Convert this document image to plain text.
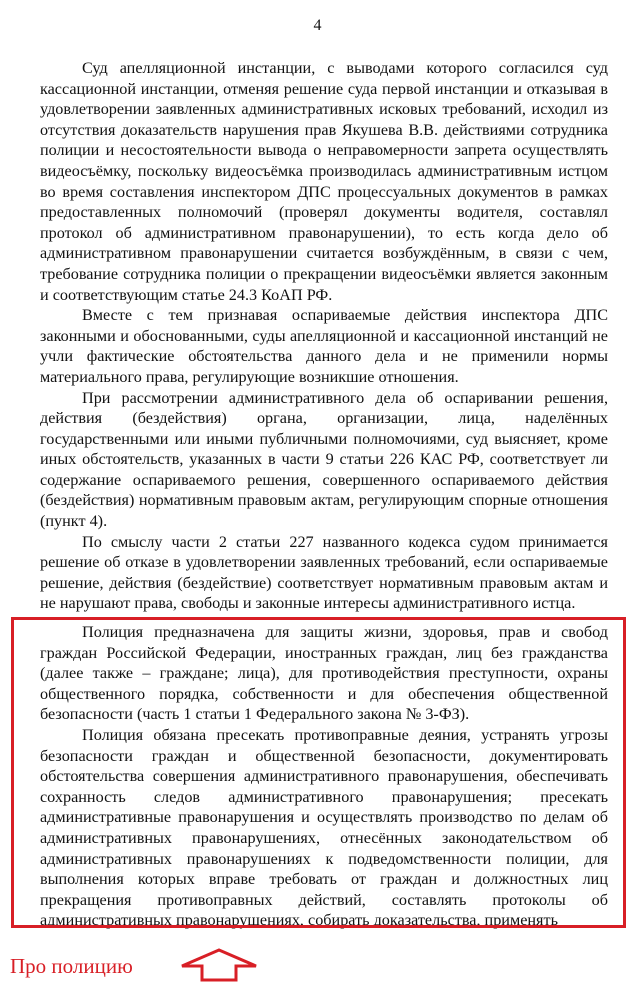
4

Суд апелляционной инстанции, с выводами которого согласился суд кассационной инстанции, отменяя решение суда первой инстанции и отказывая в удовлетворении заявленных административных исковых требований, исходил из отсутствия доказательств нарушения прав Якушева В.В. действиями сотрудника полиции и несостоятельности вывода о неправомерности запрета осуществлять видеосъёмку, поскольку видеосъёмка производилась административным истцом во время составления инспектором ДПС процессуальных документов в рамках предоставленных полномочий (проверял документы водителя, составлял протокол об административном правонарушении), то есть когда дело об административном правонарушении считается возбуждённым, в связи с чем, требование сотрудника полиции о прекращении видеосъёмки является законным и соответствующим статье 24.3 КоАП РФ.

Вместе с тем признавая оспариваемые действия инспектора ДПС законными и обоснованными, суды апелляционной и кассационной инстанций не учли фактические обстоятельства данного дела и не применили нормы материального права, регулирующие возникшие отношения.

При рассмотрении административного дела об оспаривании решения, действия (бездействия) органа, организации, лица, наделённых государственными или иными публичными полномочиями, суд выясняет, кроме иных обстоятельств, указанных в части 9 статьи 226 КАС РФ, соответствует ли содержание оспариваемого решения, совершенного оспариваемого действия (бездействия) нормативным правовым актам, регулирующим спорные отношения (пункт 4).

По смыслу части 2 статьи 227 названного кодекса судом принимается решение об отказе в удовлетворении заявленных требований, если оспариваемые решение, действия (бездействие) соответствует нормативным правовым актам и не нарушают права, свободы и законные интересы административного истца.

Полиция предназначена для защиты жизни, здоровья, прав и свобод граждан Российской Федерации, иностранных граждан, лиц без гражданства (далее также – граждане; лица), для противодействия преступности, охраны общественного порядка, собственности и для обеспечения общественной безопасности (часть 1 статьи 1 Федерального закона № 3-ФЗ).

Полиция обязана пресекать противоправные деяния, устранять угрозы безопасности граждан и общественной безопасности, документировать обстоятельства совершения административного правонарушения, обеспечивать сохранность следов административного правонарушения; пресекать административные правонарушения и осуществлять производство по делам об административных правонарушениях, отнесённых законодательством об административных правонарушениях к подведомственности полиции, для выполнения которых вправе требовать от граждан и должностных лиц прекращения противоправных действий, составлять протоколы об административных правонарушениях, собирать доказательства, применять

Про полицию
